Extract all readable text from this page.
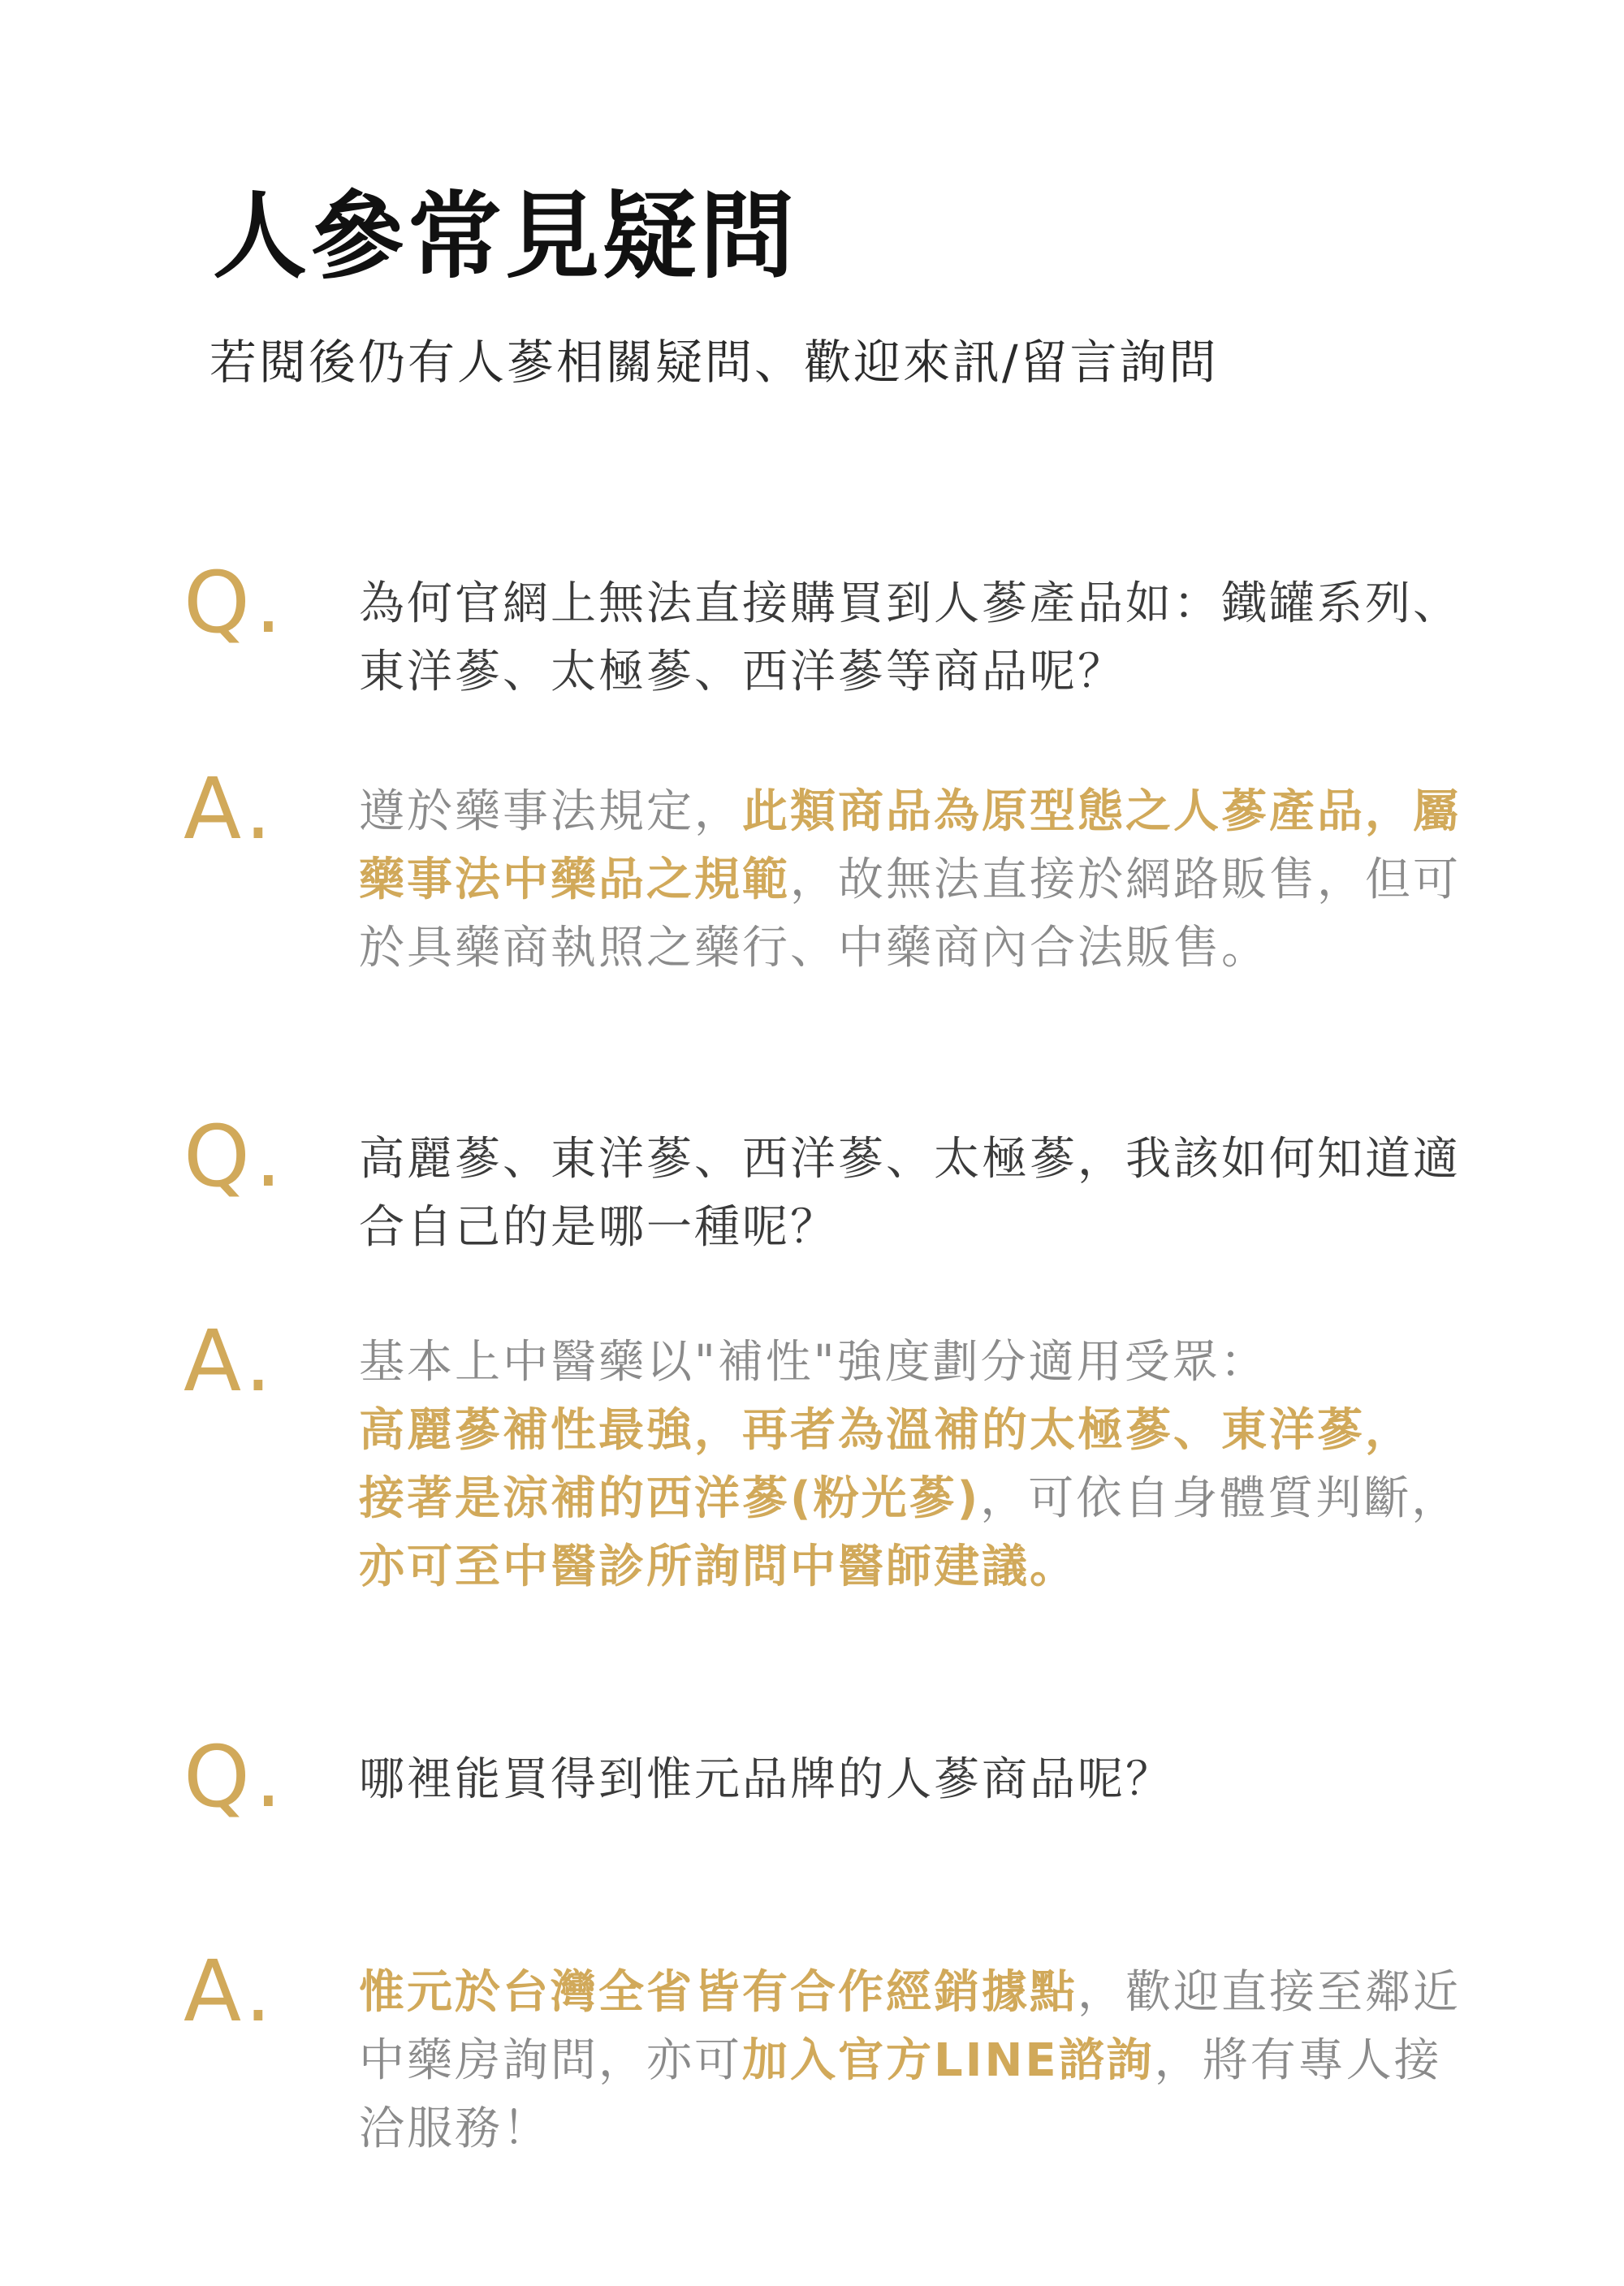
人參常見疑問

若閱後仍有人蔘相關疑問、歡迎來訊/留言詢問

Q. 為何官網上無法直接購買到人蔘產品如：鐵罐系列、
東洋蔘、太極蔘、西洋蔘等商品呢？

A. 遵於藥事法規定，此類商品為原型態之人蔘產品，屬藥事法中藥品之規範，故無法直接於網路販售，但可於具藥商執照之藥行、中藥商內合法販售。

Q. 高麗蔘、東洋蔘、西洋蔘、太極蔘，我該如何知道適
合自己的是哪一種呢？

A. 基本上中醫藥以"補性"強度劃分適用受眾：
高麗蔘補性最強，再者為溫補的太極蔘、東洋蔘，
接著是涼補的西洋蔘(粉光蔘)，可依自身體質判斷，
亦可至中醫診所詢問中醫師建議。

Q. 哪裡能買得到惟元品牌的人蔘商品呢？

A. 惟元於台灣全省皆有合作經銷據點，歡迎直接至鄰近中藥房詢問，亦可加入官方LINE諮詢，將有專人接洽服務！
